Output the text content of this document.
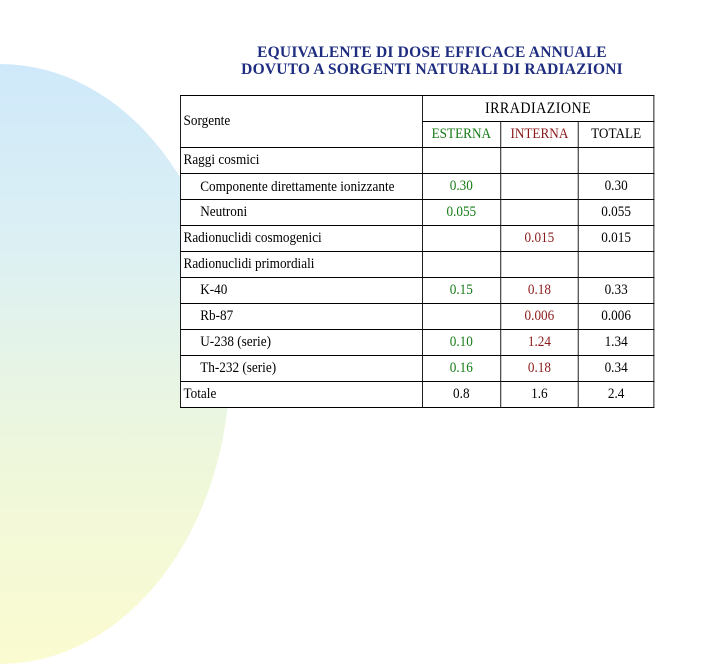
EQUIVALENTE DI DOSE EFFICACE ANNUALE
DOVUTO A SORGENTI NATURALI DI RADIAZIONI
Sorgente	IRRADIAZIONE		
	ESTERNA	INTERNA	TOTALE
Raggi cosmici			
Componente direttamente ionizzante	0.30		0.30
Neutroni	0.055		0.055
Radionuclidi cosmogenici		0.015	0.015
Radionuclidi primordiali			
K-40	0.15	0.18	0.33
Rb-87		0.006	0.006
U-238 (serie)	0.10	1.24	1.34
Th-232 (serie)	0.16	0.18	0.34
Totale	0.8	1.6	2.4
